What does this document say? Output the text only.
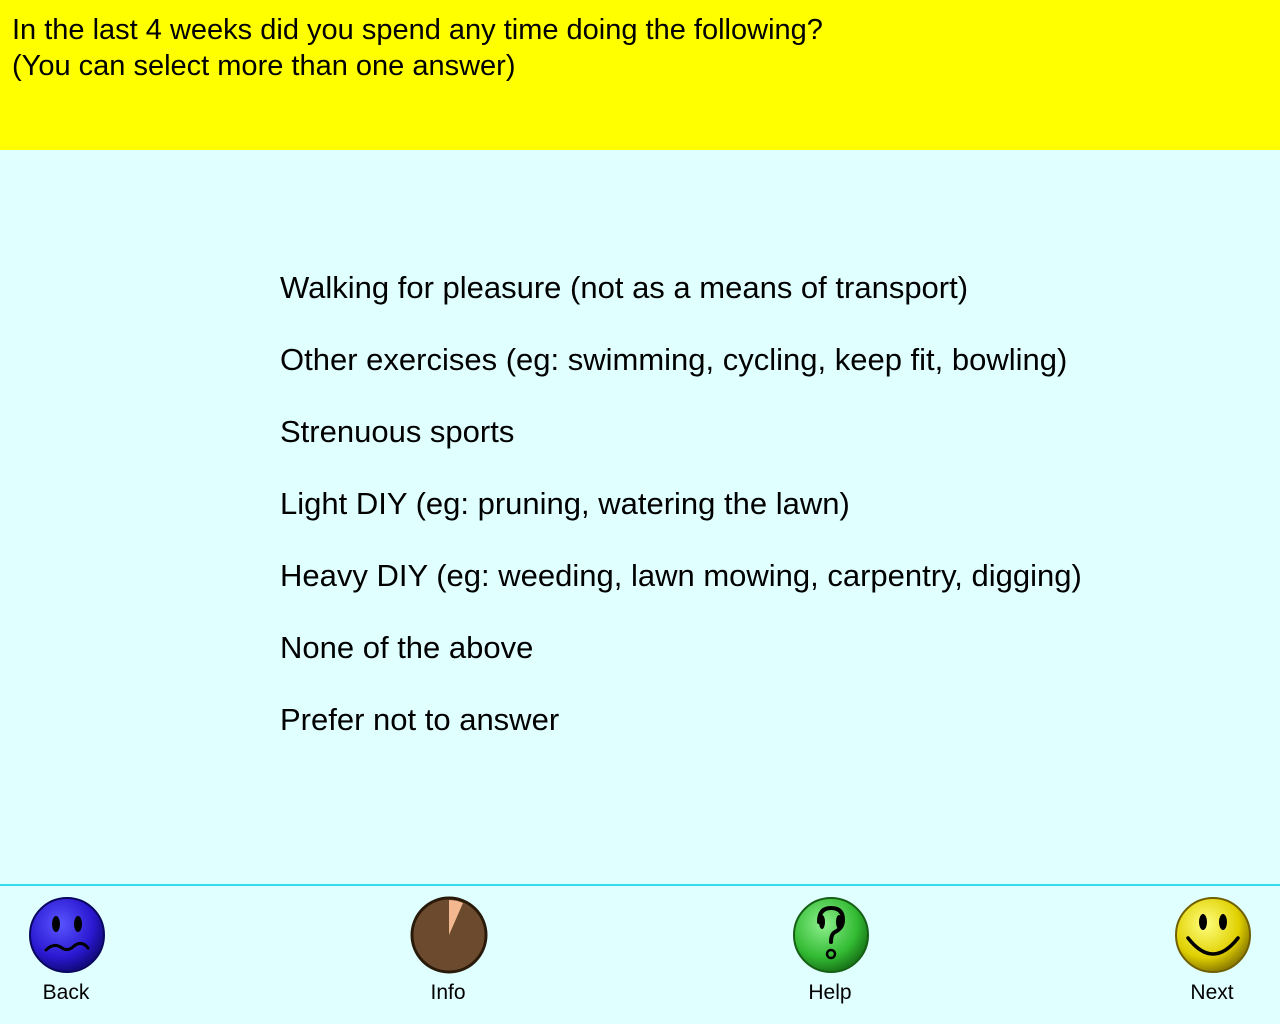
In the last 4 weeks did you spend any time doing the following?
(You can select more than one answer)
Walking for pleasure (not as a means of transport)
Other exercises (eg: swimming, cycling, keep fit, bowling)
Strenuous sports
Light DIY (eg: pruning, watering the lawn)
Heavy DIY (eg: weeding, lawn mowing, carpentry, digging)
None of the above
Prefer not to answer
Back	Info	Help	Next
